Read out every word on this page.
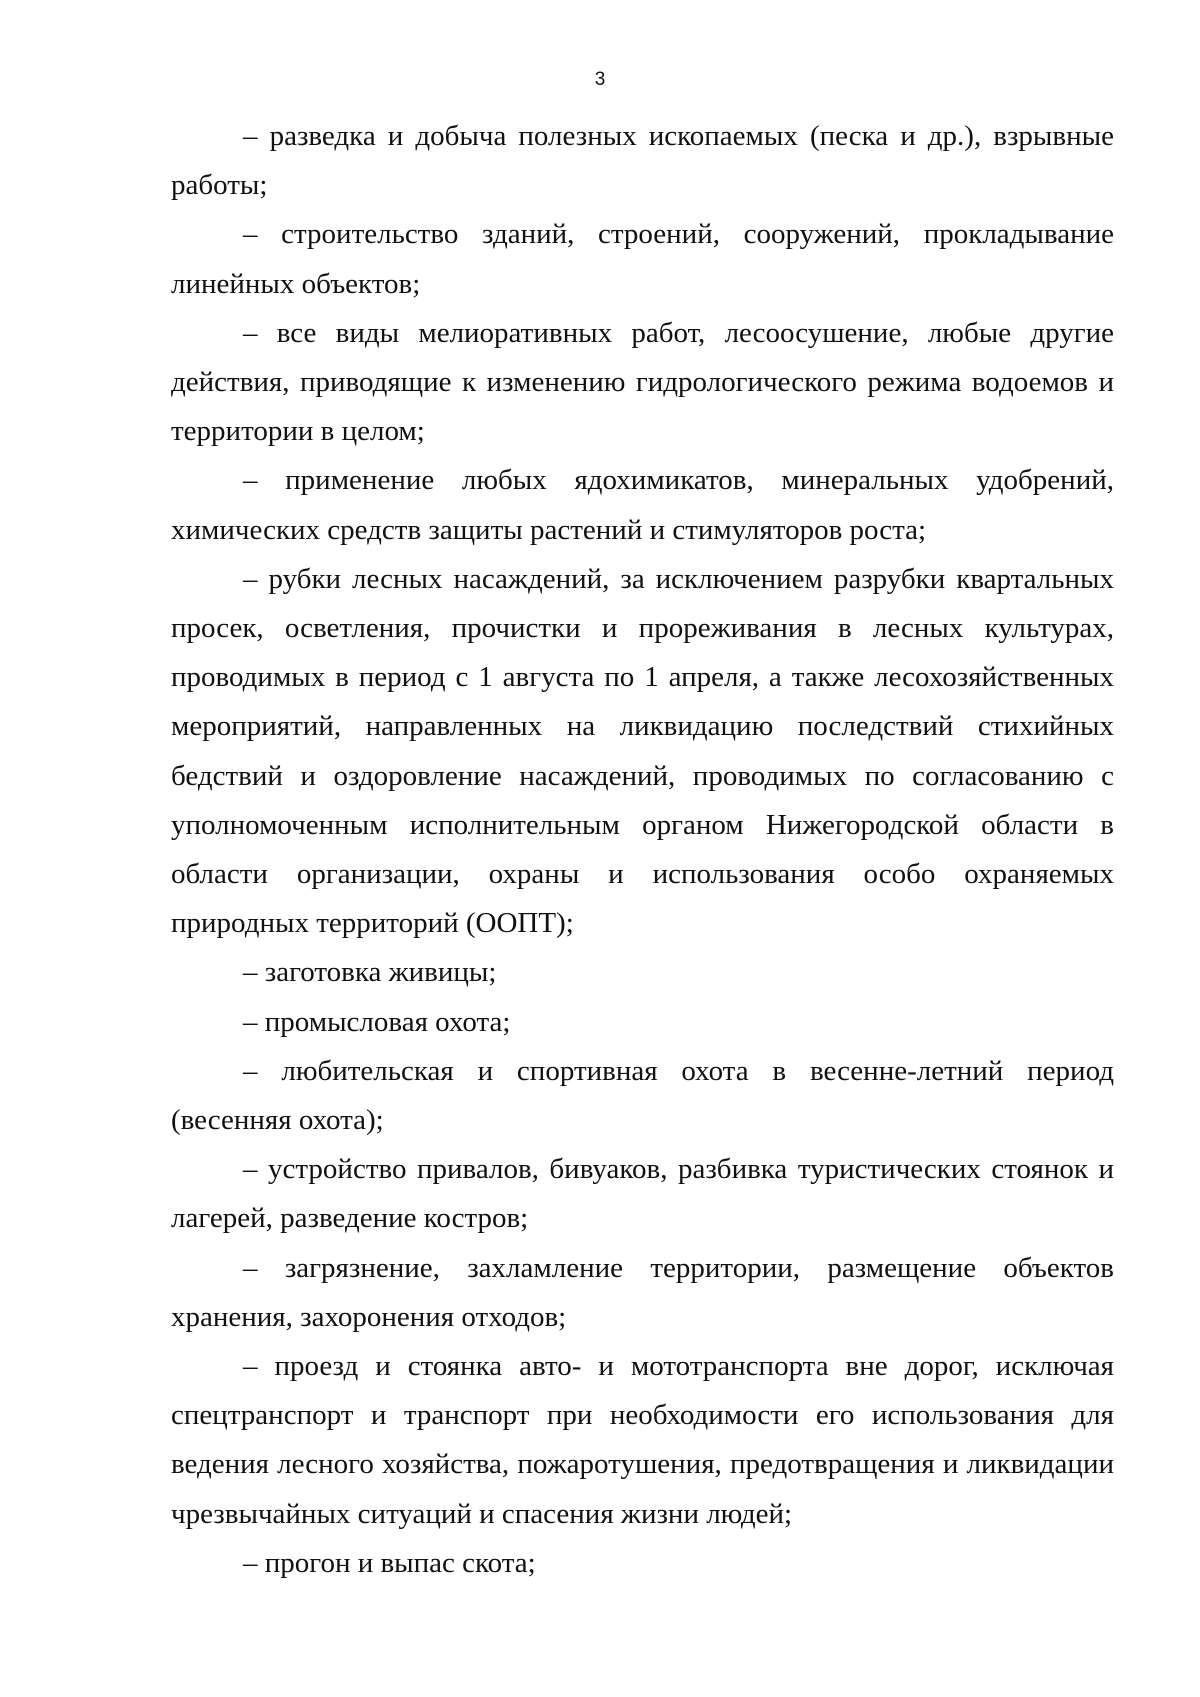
3

– разведка и добыча полезных ископаемых (песка и др.), взрывные работы;

– строительство зданий, строений, сооружений, прокладывание линейных объектов;

– все виды мелиоративных работ, лесоосушение, любые другие действия, приводящие к изменению гидрологического режима водоемов и территории в целом;

– применение любых ядохимикатов, минеральных удобрений, химических средств защиты растений и стимуляторов роста;

– рубки лесных насаждений, за исключением разрубки квартальных просек, осветления, прочистки и прореживания в лесных культурах, проводимых в период с 1 августа по 1 апреля, а также лесохозяйственных мероприятий, направленных на ликвидацию последствий стихийных бедствий и оздоровление насаждений, проводимых по согласованию с уполномоченным исполнительным органом Нижегородской области в области организации, охраны и использования особо охраняемых природных территорий (ООПТ);

– заготовка живицы;

– промысловая охота;

– любительская и спортивная охота в весенне-летний период (весенняя охота);

– устройство привалов, бивуаков, разбивка туристических стоянок и лагерей, разведение костров;

– загрязнение, захламление территории, размещение объектов хранения, захоронения отходов;

– проезд и стоянка авто- и мототранспорта вне дорог, исключая спецтранспорт и транспорт при необходимости его использования для ведения лесного хозяйства, пожаротушения, предотвращения и ликвидации чрезвычайных ситуаций и спасения жизни людей;

– прогон и выпас скота;
